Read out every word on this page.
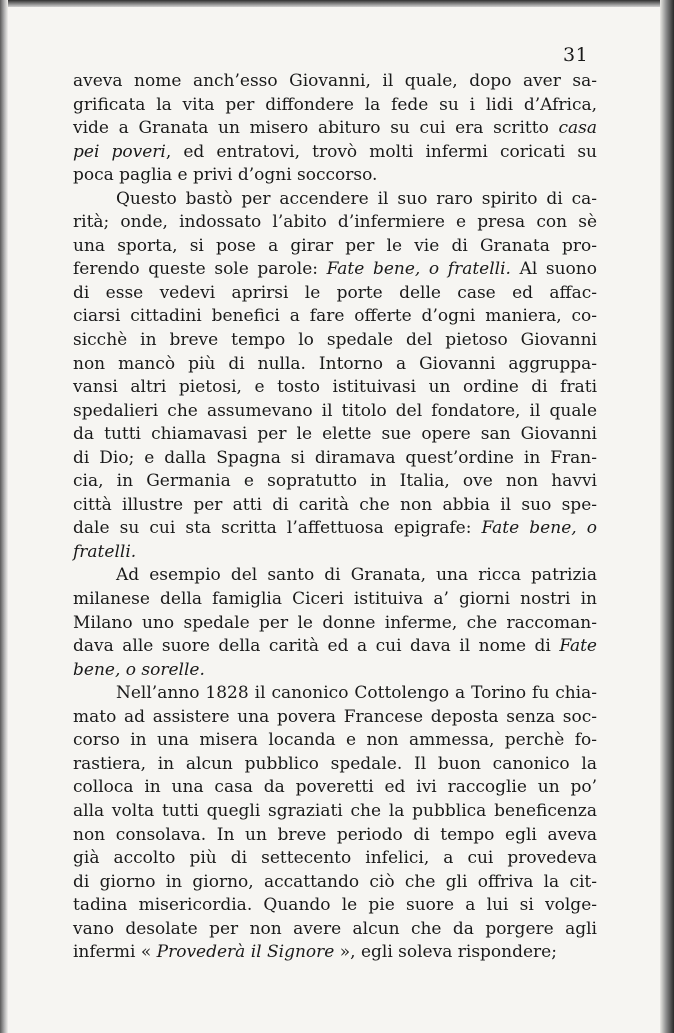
31
aveva nome anch’esso Giovanni, il quale, dopo aver sa-
grificata la vita per diffondere la fede su i lidi d’Africa,
vide a Granata un misero abituro su cui era scritto casa
pei poveri, ed entratovi, trovò molti infermi coricati su
poca paglia e privi d’ogni soccorso.
Questo bastò per accendere il suo raro spirito di ca-
rità; onde, indossato l’abito d’infermiere e presa con sè
una sporta, si pose a girar per le vie di Granata pro-
ferendo queste sole parole: Fate bene, o fratelli. Al suono
di esse vedevi aprirsi le porte delle case ed affac-
ciarsi cittadini benefici a fare offerte d’ogni maniera, co-
sicchè in breve tempo lo spedale del pietoso Giovanni
non mancò più di nulla. Intorno a Giovanni aggruppa-
vansi altri pietosi, e tosto istituivasi un ordine di frati
spedalieri che assumevano il titolo del fondatore, il quale
da tutti chiamavasi per le elette sue opere san Giovanni
di Dio; e dalla Spagna si diramava quest’ordine in Fran-
cia, in Germania e sopratutto in Italia, ove non havvi
città illustre per atti di carità che non abbia il suo spe-
dale su cui sta scritta l’affettuosa epigrafe: Fate bene, o
fratelli.
Ad esempio del santo di Granata, una ricca patrizia
milanese della famiglia Ciceri istituiva a’ giorni nostri in
Milano uno spedale per le donne inferme, che raccoman-
dava alle suore della carità ed a cui dava il nome di Fate
bene, o sorelle.
Nell’anno 1828 il canonico Cottolengo a Torino fu chia-
mato ad assistere una povera Francese deposta senza soc-
corso in una misera locanda e non ammessa, perchè fo-
rastiera, in alcun pubblico spedale. Il buon canonico la
colloca in una casa da poveretti ed ivi raccoglie un po’
alla volta tutti quegli sgraziati che la pubblica beneficenza
non consolava. In un breve periodo di tempo egli aveva
già accolto più di settecento infelici, a cui provedeva
di giorno in giorno, accattando ciò che gli offriva la cit-
tadina misericordia. Quando le pie suore a lui si volge-
vano desolate per non avere alcun che da porgere agli
infermi « Provederà il Signore », egli soleva rispondere;
